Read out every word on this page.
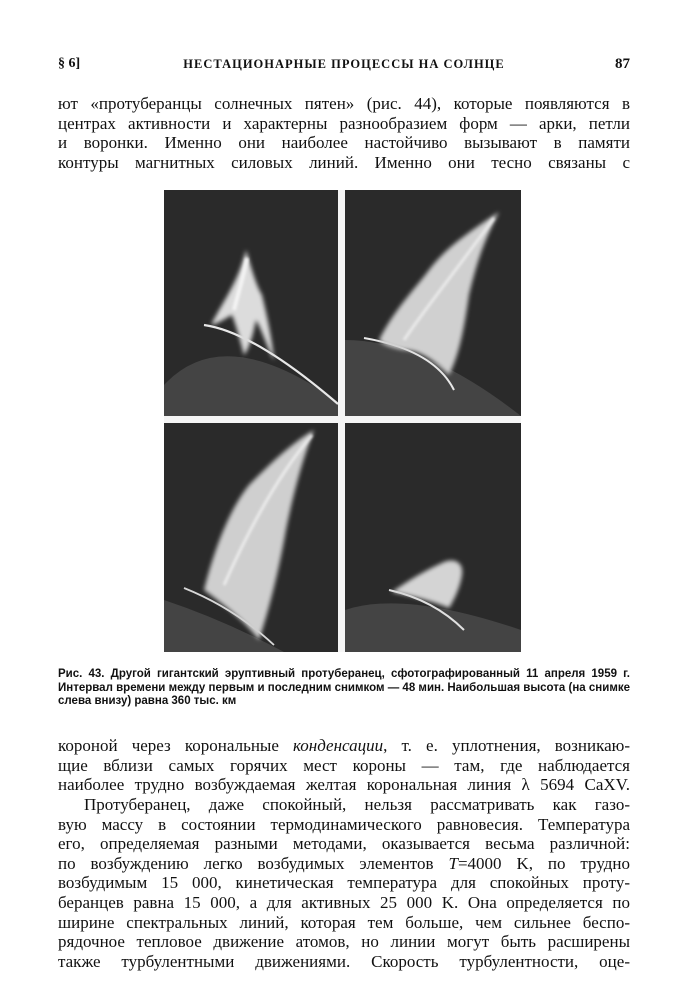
§ 6]	НЕСТАЦИОНАРНЫЕ ПРОЦЕССЫ НА СОЛНЦЕ	87
ют «протуберанцы солнечных пятен» (рис. 44), которые появляются в
центрах активности и характерны разнообразием форм — арки, петли
и воронки. Именно они наиболее настойчиво вызывают в памяти
контуры магнитных силовых линий. Именно они тесно связаны с
Рис. 43. Другой гигантский эруптивный протуберанец, сфотографированный 11 апреля 1959 г.
Интервал времени между первым и последним снимком — 48 мин. Наибольшая высота (на снимке
слева внизу) равна 360 тыс. км
короной через корональные конденсации, т. е. уплотнения, возникаю-
щие вблизи самых горячих мест короны — там, где наблюдается
наиболее трудно возбуждаемая желтая корональная линия λ 5694 CaXV.
Протуберанец, даже спокойный, нельзя рассматривать как газо-
вую массу в состоянии термодинамического равновесия. Температура
его, определяемая разными методами, оказывается весьма различной:
по возбуждению легко возбудимых элементов T=4000 K, по трудно
возбудимым 15 000, кинетическая температура для спокойных проту-
беранцев равна 15 000, а для активных 25 000 K. Она определяется по
ширине спектральных линий, которая тем больше, чем сильнее беспо-
рядочное тепловое движение атомов, но линии могут быть расширены
также турбулентными движениями. Скорость турбулентности, оце-
